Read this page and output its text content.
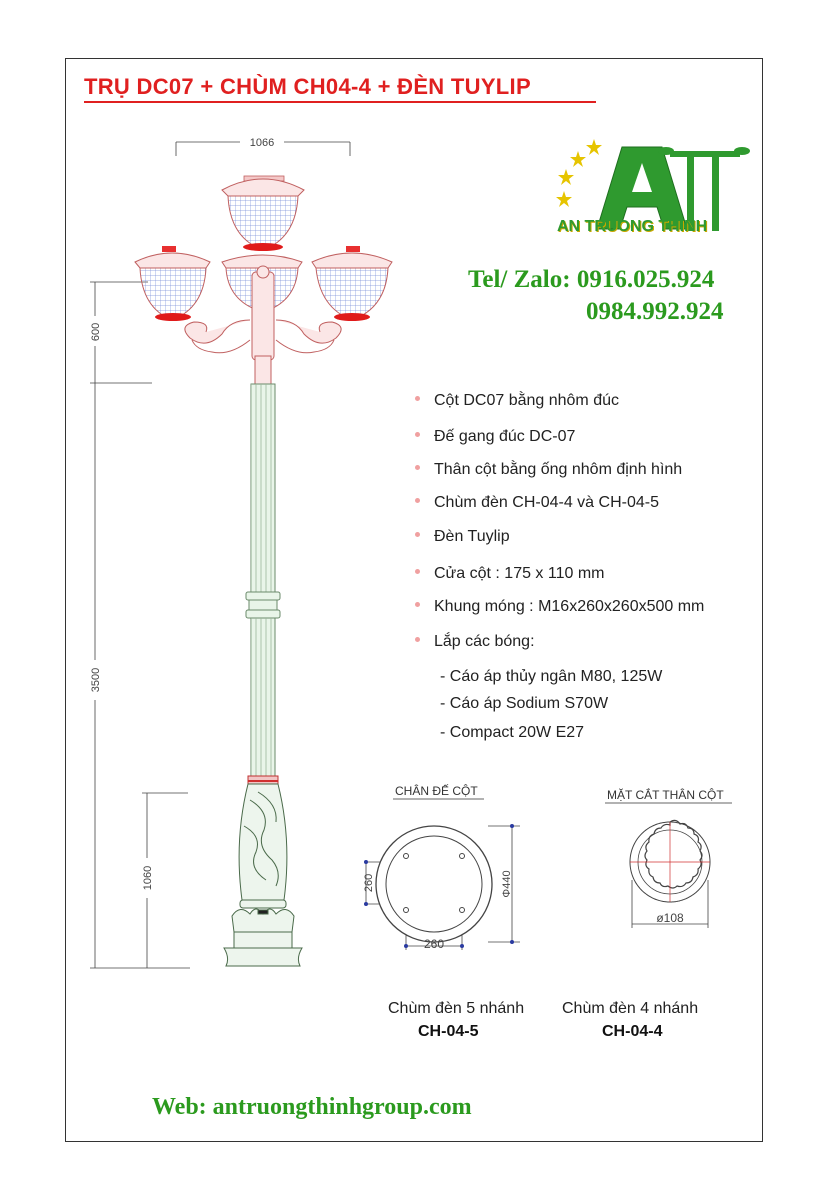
TRỤ DC07 + CHÙM CH04-4 + ĐÈN TUYLIP
AN TRUONG THINH
Tel/ Zalo: 0916.025.924
0984.992.924
1066
600
3500
1060	260
260
Φ440
ø108
Cột DC07 bằng nhôm đúc
Đế gang đúc DC-07
Thân cột bằng ống nhôm định hình
Chùm đèn CH-04-4 và CH-04-5
Đèn Tuylip
Cửa cột : 175 x 110 mm
Khung móng : M16x260x260x500 mm
Lắp các bóng:
- Cáo áp thủy ngân M80, 125W
- Cáo áp Sodium S70W
- Compact 20W E27
CHÂN ĐẾ CỘT	MẶT CẮT THÂN CỘT
Chùm đèn 5 nhánh
CH-04-5
Chùm đèn 4 nhánh
CH-04-4
Web: antruongthinhgroup.com
